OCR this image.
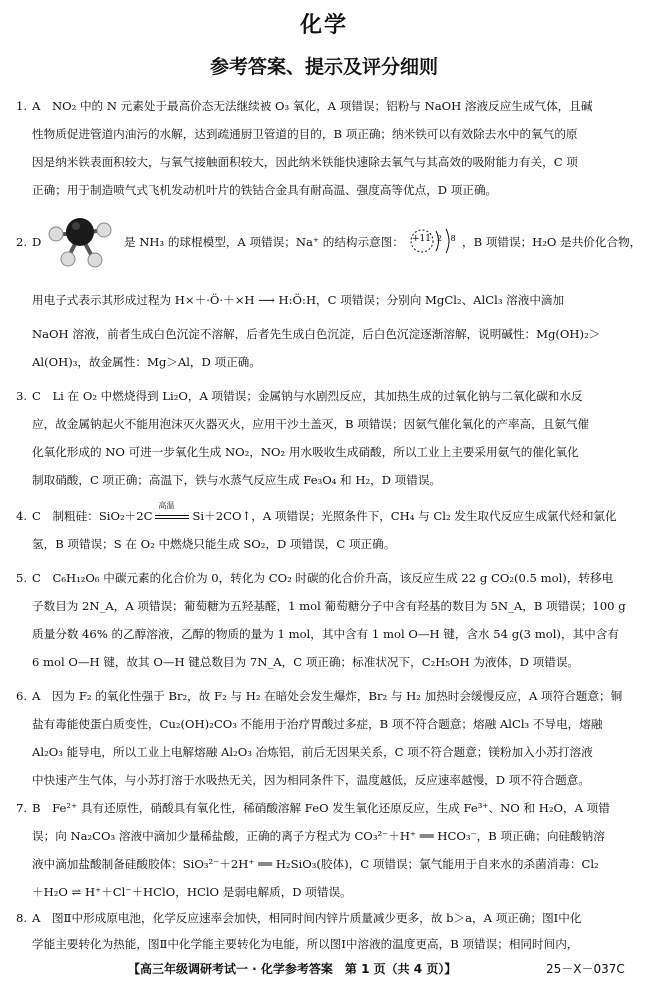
化学
参考答案、提示及评分细则
1. A　NO₂ 中的 N 元素处于最高价态无法继续被 O₃ 氧化，A 项错误；铝粉与 NaOH 溶液反应生成气体，且碱
性物质促进管道内油污的水解，达到疏通厨卫管道的目的，B 项正确；纳米铁可以有效除去水中的氧气的原
因是纳米铁表面积较大，与氧气接触面积较大，因此纳米铁能快速除去氧气与其高效的吸附能力有关，C 项
正确；用于制造喷气式飞机发动机叶片的铁钴合金具有耐高温、强度高等优点，D 项正确。
2. D	是 NH₃ 的球棍模型，A 项错误；Na⁺ 的结构示意图： +11 2 8 ，B 项错误；H₂O 是共价化合物，
用电子式表示其形成过程为 H×＋·Ö·＋×H ⟶ H:Ö:H，C 项错误；分别向 MgCl₂、AlCl₃ 溶液中滴加
NaOH 溶液，前者生成白色沉淀不溶解，后者先生成白色沉淀，后白色沉淀逐渐溶解，说明碱性：Mg(OH)₂＞
Al(OH)₃，故金属性：Mg＞Al，D 项正确。
3. C　Li 在 O₂ 中燃烧得到 Li₂O，A 项错误；金属钠与水剧烈反应，其加热生成的过氧化钠与二氧化碳和水反
应，故金属钠起火不能用泡沫灭火器灭火，应用干沙土盖灭，B 项错误；因氨气催化氧化的产率高，且氨气催
化氧化形成的 NO 可进一步氧化生成 NO₂，NO₂ 用水吸收生成硝酸，所以工业上主要采用氨气的催化氧化
制取硝酸，C 项正确；高温下，铁与水蒸气反应生成 Fe₃O₄ 和 H₂，D 项错误。
4. C　制粗硅：SiO₂＋2C
高温
Si＋2CO↑，A 项错误；光照条件下，CH₄ 与 Cl₂ 发生取代反应生成氯代烃和氯化
氢，B 项错误；S 在 O₂ 中燃烧只能生成 SO₂，D 项错误，C 项正确。
5. C　C₆H₁₂O₆ 中碳元素的化合价为 0，转化为 CO₂ 时碳的化合价升高，该反应生成 22 g CO₂(0.5 mol)，转移电
子数目为 2N_A，A 项错误；葡萄糖为五羟基醛，1 mol 葡萄糖分子中含有羟基的数目为 5N_A，B 项错误；100 g
质量分数 46% 的乙醇溶液，乙醇的物质的量为 1 mol，其中含有 1 mol O—H 键，含水 54 g(3 mol)，其中含有
6 mol O—H 键，故其 O—H 键总数目为 7N_A，C 项正确；标准状况下，C₂H₅OH 为液体，D 项错误。
6. A　因为 F₂ 的氧化性强于 Br₂，故 F₂ 与 H₂ 在暗处会发生爆炸，Br₂ 与 H₂ 加热时会缓慢反应，A 项符合题意；铜
盐有毒能使蛋白质变性，Cu₂(OH)₂CO₃ 不能用于治疗胃酸过多症，B 项不符合题意；熔融 AlCl₃ 不导电，熔融
Al₂O₃ 能导电，所以工业上电解熔融 Al₂O₃ 冶炼铝，前后无因果关系，C 项不符合题意；镁粉加入小苏打溶液
中快速产生气体，与小苏打溶于水吸热无关，因为相同条件下，温度越低，反应速率越慢，D 项不符合题意。
7. B　Fe²⁺ 具有还原性，硝酸具有氧化性，稀硝酸溶解 FeO 发生氧化还原反应，生成 Fe³⁺、NO 和 H₂O，A 项错
误；向 Na₂CO₃ 溶液中滴加少量稀盐酸，正确的离子方程式为 CO₃²⁻＋H⁺ ══ HCO₃⁻，B 项正确；向硅酸钠溶
液中滴加盐酸制备硅酸胶体：SiO₃²⁻＋2H⁺ ══ H₂SiO₃(胶体)，C 项错误；氯气能用于自来水的杀菌消毒：Cl₂
＋H₂O ⇌ H⁺＋Cl⁻＋HClO，HClO 是弱电解质，D 项错误。
8. A　图Ⅱ中形成原电池，化学反应速率会加快，相同时间内锌片质量减少更多，故 b＞a，A 项正确；图Ⅰ中化
学能主要转化为热能，图Ⅱ中化学能主要转化为电能，所以图Ⅰ中溶液的温度更高，B 项错误；相同时间内，
【高三年级调研考试一 · 化学参考答案　第 1 页（共 4 页）】	25－X－037C
